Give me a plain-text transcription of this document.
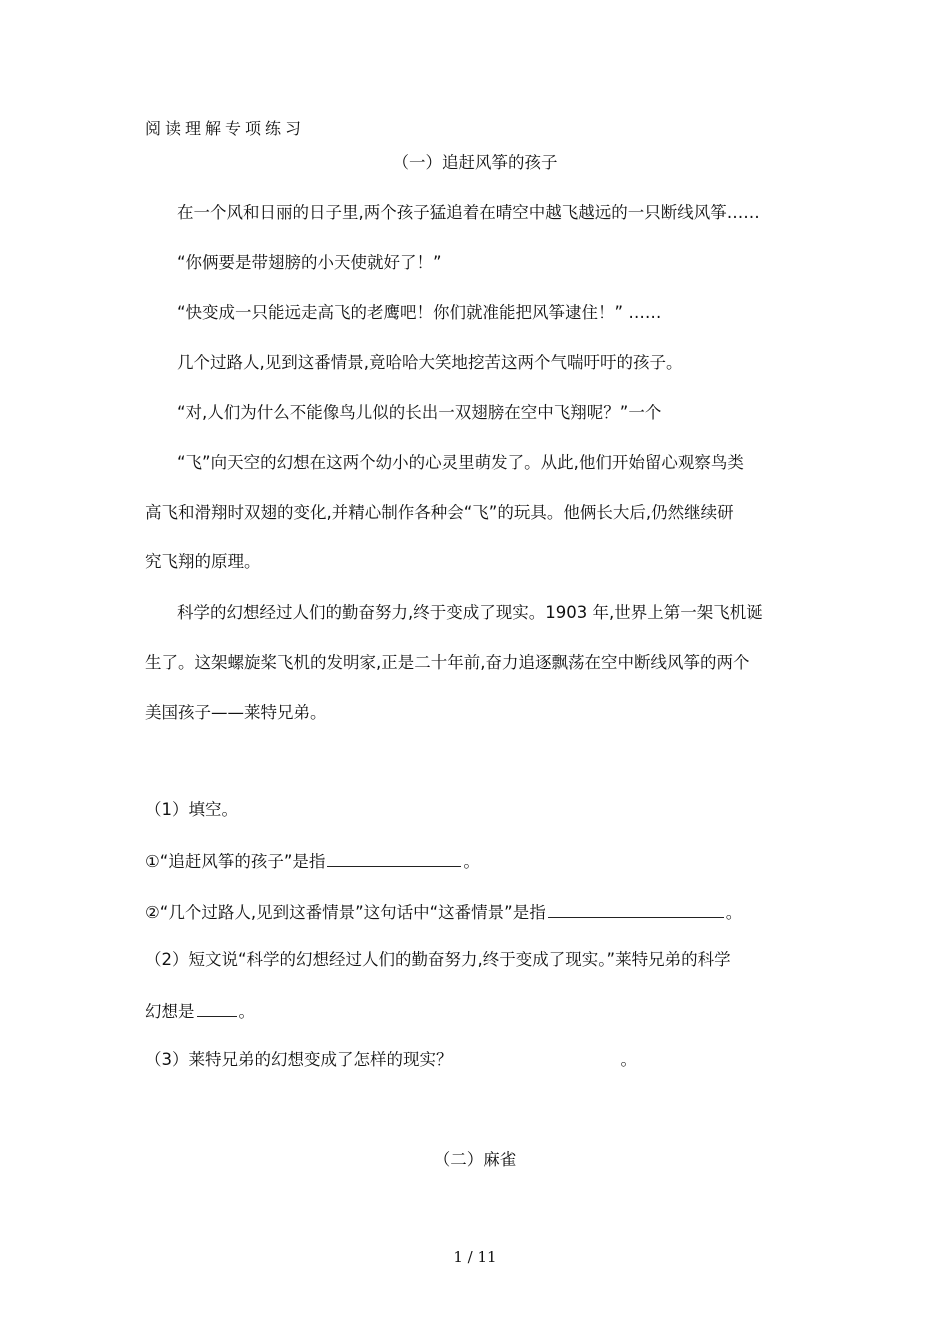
阅读理解专项练习
（一）追赶风筝的孩子
在一个风和日丽的日子里,两个孩子猛追着在晴空中越飞越远的一只断线风筝……
“你俩要是带翅膀的小天使就好了！”
“快变成一只能远走高飞的老鹰吧！你们就准能把风筝逮住！” ……
几个过路人,见到这番情景,竟哈哈大笑地挖苦这两个气喘吁吁的孩子。
“对,人们为什么不能像鸟儿似的长出一双翅膀在空中飞翔呢？”一个
“飞”向天空的幻想在这两个幼小的心灵里萌发了。从此,他们开始留心观察鸟类
高飞和滑翔时双翅的变化,并精心制作各种会“飞”的玩具。他俩长大后,仍然继续研
究飞翔的原理。
科学的幻想经过人们的勤奋努力,终于变成了现实。1903 年,世界上第一架飞机诞
生了。这架螺旋桨飞机的发明家,正是二十年前,奋力追逐飘荡在空中断线风筝的两个
美国孩子——莱特兄弟。
（1）填空。
①“追赶风筝的孩子”是指	。
②“几个过路人,见到这番情景”这句话中“这番情景”是指	。
（2）短文说“科学的幻想经过人们的勤奋努力,终于变成了现实。”莱特兄弟的科学
幻想是	。
（3）莱特兄弟的幻想变成了怎样的现实？	。
（二）麻雀
1 / 11
